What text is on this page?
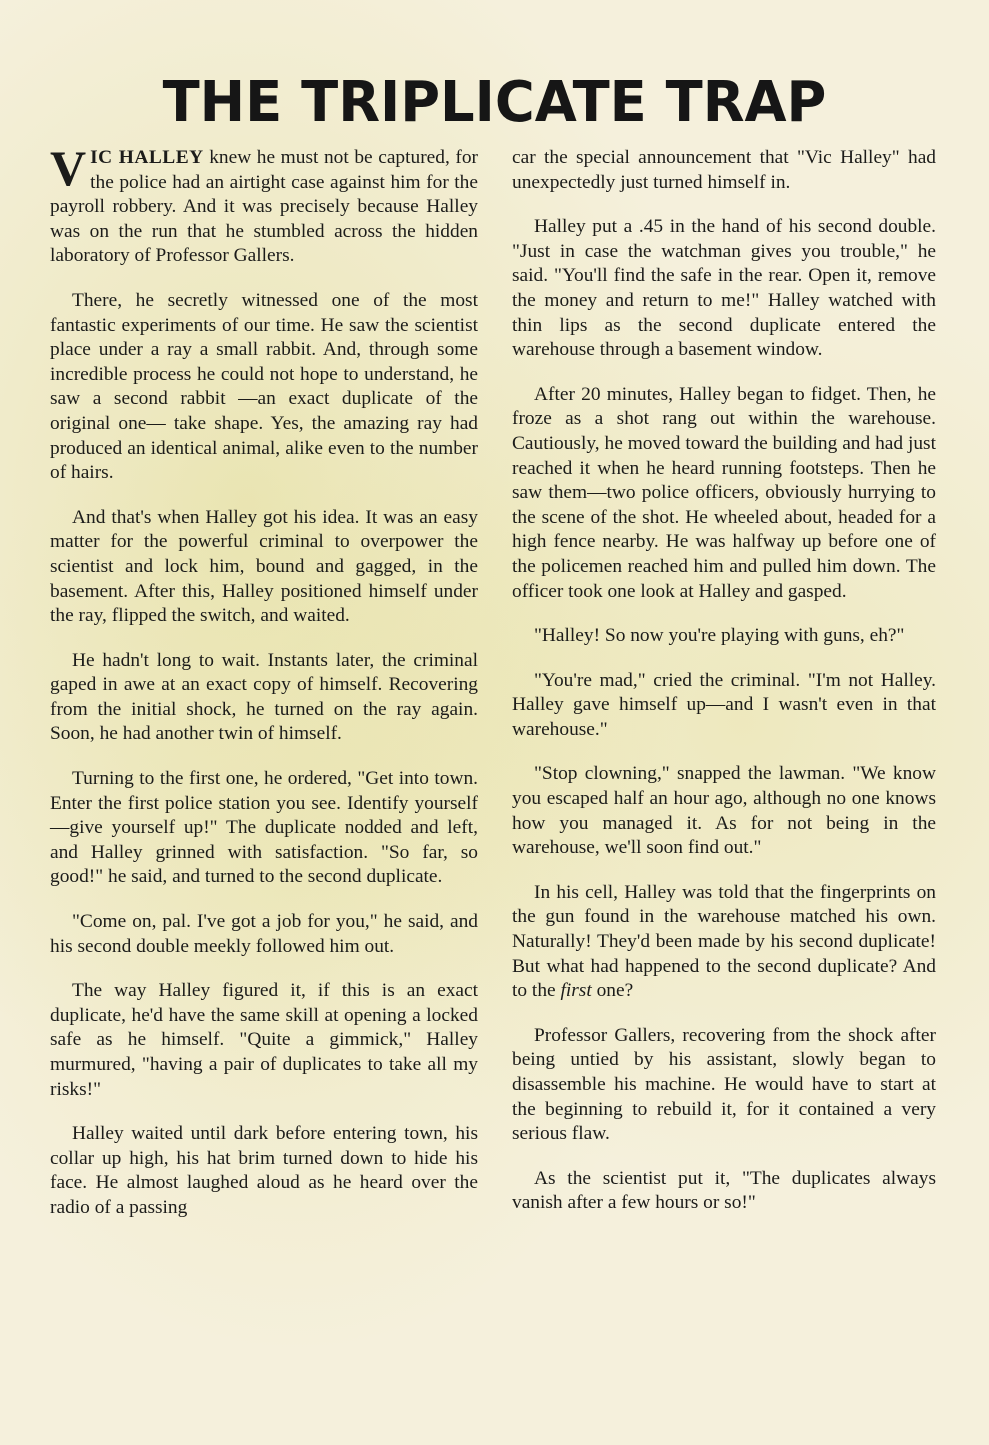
THE TRIPLICATE TRAP

VIC HALLEY knew he must not be captured, for the police had an airtight case against him for the payroll robbery. And it was precisely because Halley was on the run that he stumbled across the hidden laboratory of Professor Gallers.

There, he secretly witnessed one of the most fantastic experiments of our time. He saw the scientist place under a ray a small rabbit. And, through some incredible process he could not hope to understand, he saw a second rabbit —an exact duplicate of the original one— take shape. Yes, the amazing ray had produced an identical animal, alike even to the number of hairs.

And that's when Halley got his idea. It was an easy matter for the powerful criminal to overpower the scientist and lock him, bound and gagged, in the basement. After this, Halley positioned himself under the ray, flipped the switch, and waited.

He hadn't long to wait. Instants later, the criminal gaped in awe at an exact copy of himself. Recovering from the initial shock, he turned on the ray again. Soon, he had another twin of himself.

Turning to the first one, he ordered, "Get into town. Enter the first police station you see. Identify yourself—give yourself up!" The duplicate nodded and left, and Halley grinned with satisfaction. "So far, so good!" he said, and turned to the second duplicate.

"Come on, pal. I've got a job for you," he said, and his second double meekly followed him out.

The way Halley figured it, if this is an exact duplicate, he'd have the same skill at opening a locked safe as he himself. "Quite a gimmick," Halley murmured, "having a pair of duplicates to take all my risks!"

Halley waited until dark before entering town, his collar up high, his hat brim turned down to hide his face. He almost laughed aloud as he heard over the radio of a passing

car the special announcement that "Vic Halley" had unexpectedly just turned himself in.

Halley put a .45 in the hand of his second double. "Just in case the watchman gives you trouble," he said. "You'll find the safe in the rear. Open it, remove the money and return to me!" Halley watched with thin lips as the second duplicate entered the warehouse through a basement window.

After 20 minutes, Halley began to fidget. Then, he froze as a shot rang out within the warehouse. Cautiously, he moved toward the building and had just reached it when he heard running footsteps. Then he saw them—two police officers, obviously hurrying to the scene of the shot. He wheeled about, headed for a high fence nearby. He was halfway up before one of the policemen reached him and pulled him down. The officer took one look at Halley and gasped.

"Halley! So now you're playing with guns, eh?"

"You're mad," cried the criminal. "I'm not Halley. Halley gave himself up—and I wasn't even in that warehouse."

"Stop clowning," snapped the lawman. "We know you escaped half an hour ago, although no one knows how you managed it. As for not being in the warehouse, we'll soon find out."

In his cell, Halley was told that the fingerprints on the gun found in the warehouse matched his own. Naturally! They'd been made by his second duplicate! But what had happened to the second duplicate? And to the first one?

Professor Gallers, recovering from the shock after being untied by his assistant, slowly began to disassemble his machine. He would have to start at the beginning to rebuild it, for it contained a very serious flaw.

As the scientist put it, "The duplicates always vanish after a few hours or so!"
